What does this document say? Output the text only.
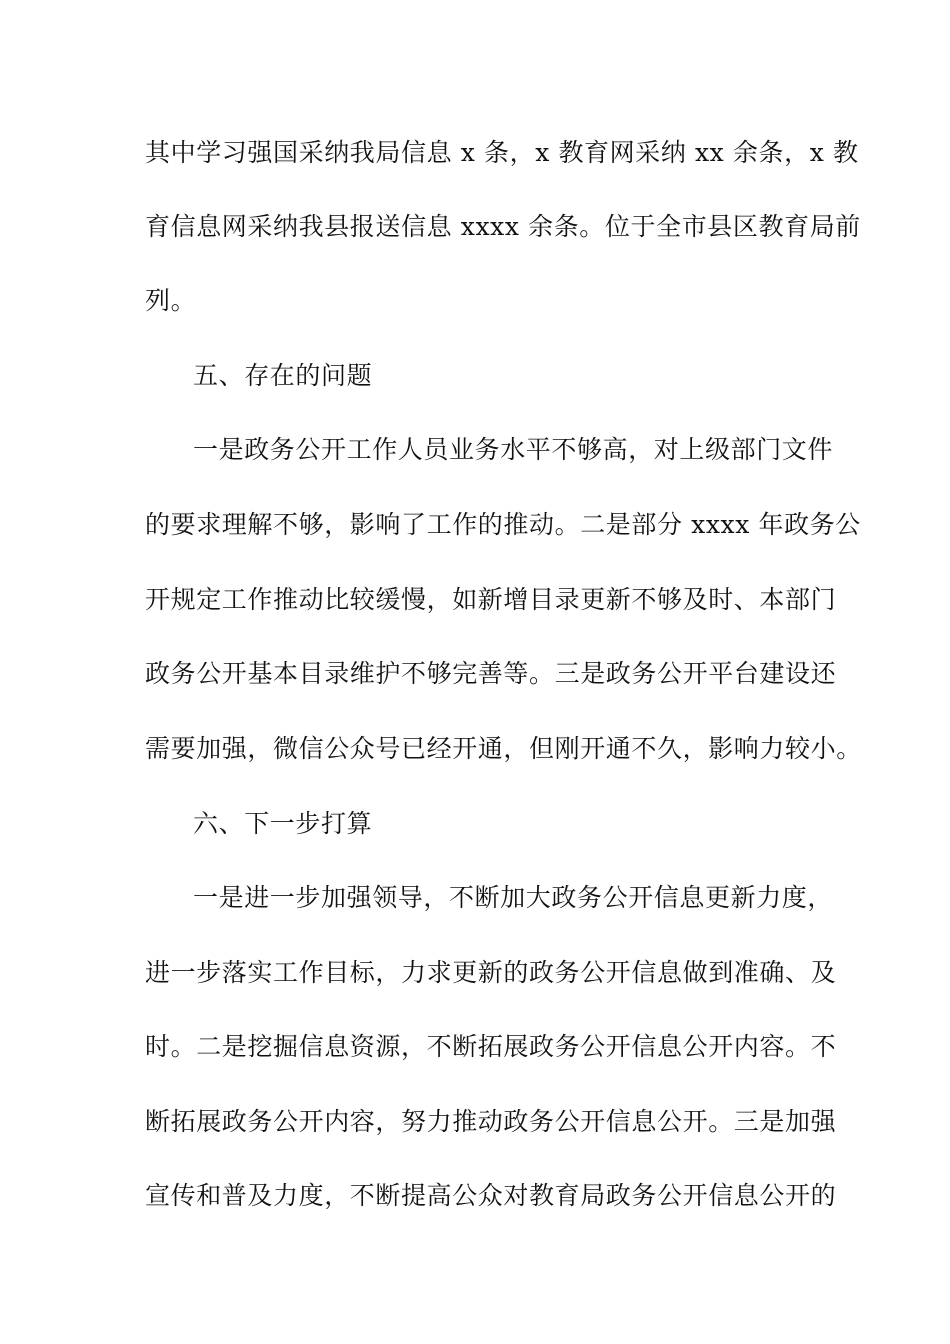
其中学习强国采纳我局信息 x 条，x 教育网采纳 xx 余条，x 教
育信息网采纳我县报送信息 xxxx 余条。位于全市县区教育局前
列。
五、存在的问题
一是政务公开工作人员业务水平不够高，对上级部门文件
的要求理解不够，影响了工作的推动。二是部分 xxxx 年政务公
开规定工作推动比较缓慢，如新增目录更新不够及时、本部门
政务公开基本目录维护不够完善等。三是政务公开平台建设还
需要加强，微信公众号已经开通，但刚开通不久，影响力较小。
六、下一步打算
一是进一步加强领导，不断加大政务公开信息更新力度，
进一步落实工作目标，力求更新的政务公开信息做到准确、及
时。二是挖掘信息资源，不断拓展政务公开信息公开内容。不
断拓展政务公开内容，努力推动政务公开信息公开。三是加强
宣传和普及力度，不断提高公众对教育局政务公开信息公开的
